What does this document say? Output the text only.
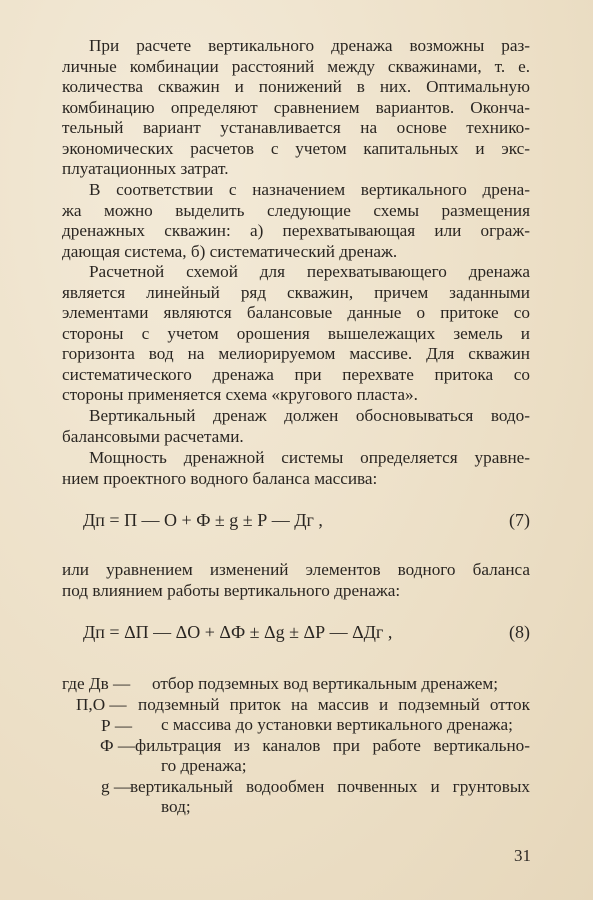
При расчете вертикального дренажа возможны раз-
личные комбинации расстояний между скважинами, т. е.
количества скважин и понижений в них. Оптимальную
комбинацию определяют сравнением вариантов. Оконча-
тельный вариант устанавливается на основе технико-
экономических расчетов с учетом капитальных и экс-
плуатационных затрат.
В соответствии с назначением вертикального дрена-
жа можно выделить следующие схемы размещения
дренажных скважин: а) перехватывающая или ограж-
дающая система, б) систематический дренаж.
Расчетной схемой для перехватывающего дренажа
является линейный ряд скважин, причем заданными
элементами являются балансовые данные о притоке со
стороны с учетом орошения вышележащих земель и
горизонта вод на мелиорируемом массиве. Для скважин
систематического дренажа при перехвате притока со
стороны применяется схема «кругового пласта».
Вертикальный дренаж должен обосновываться водо-
балансовыми расчетами.
Мощность дренажной системы определяется уравне-
нием проектного водного баланса массива:
Дп = П — О + Ф ± g ± Р — Дг ,	(7)
или уравнением изменений элементов водного баланса
под влиянием работы вертикального дренажа:
Дп = ΔП — ΔО + ΔФ ± Δg ± ΔР — ΔДг ,	(8)
где Дв — отбор подземных вод вертикальным дренажем;
П,О — подземный приток на массив и подземный отток
с массива до установки вертикального дренажа;
Ф — фильтрация из каналов при работе вертикально-
го дренажа;
g —
вертикальный водообмен почвенных и грунтовых
вод;
31
Р —
